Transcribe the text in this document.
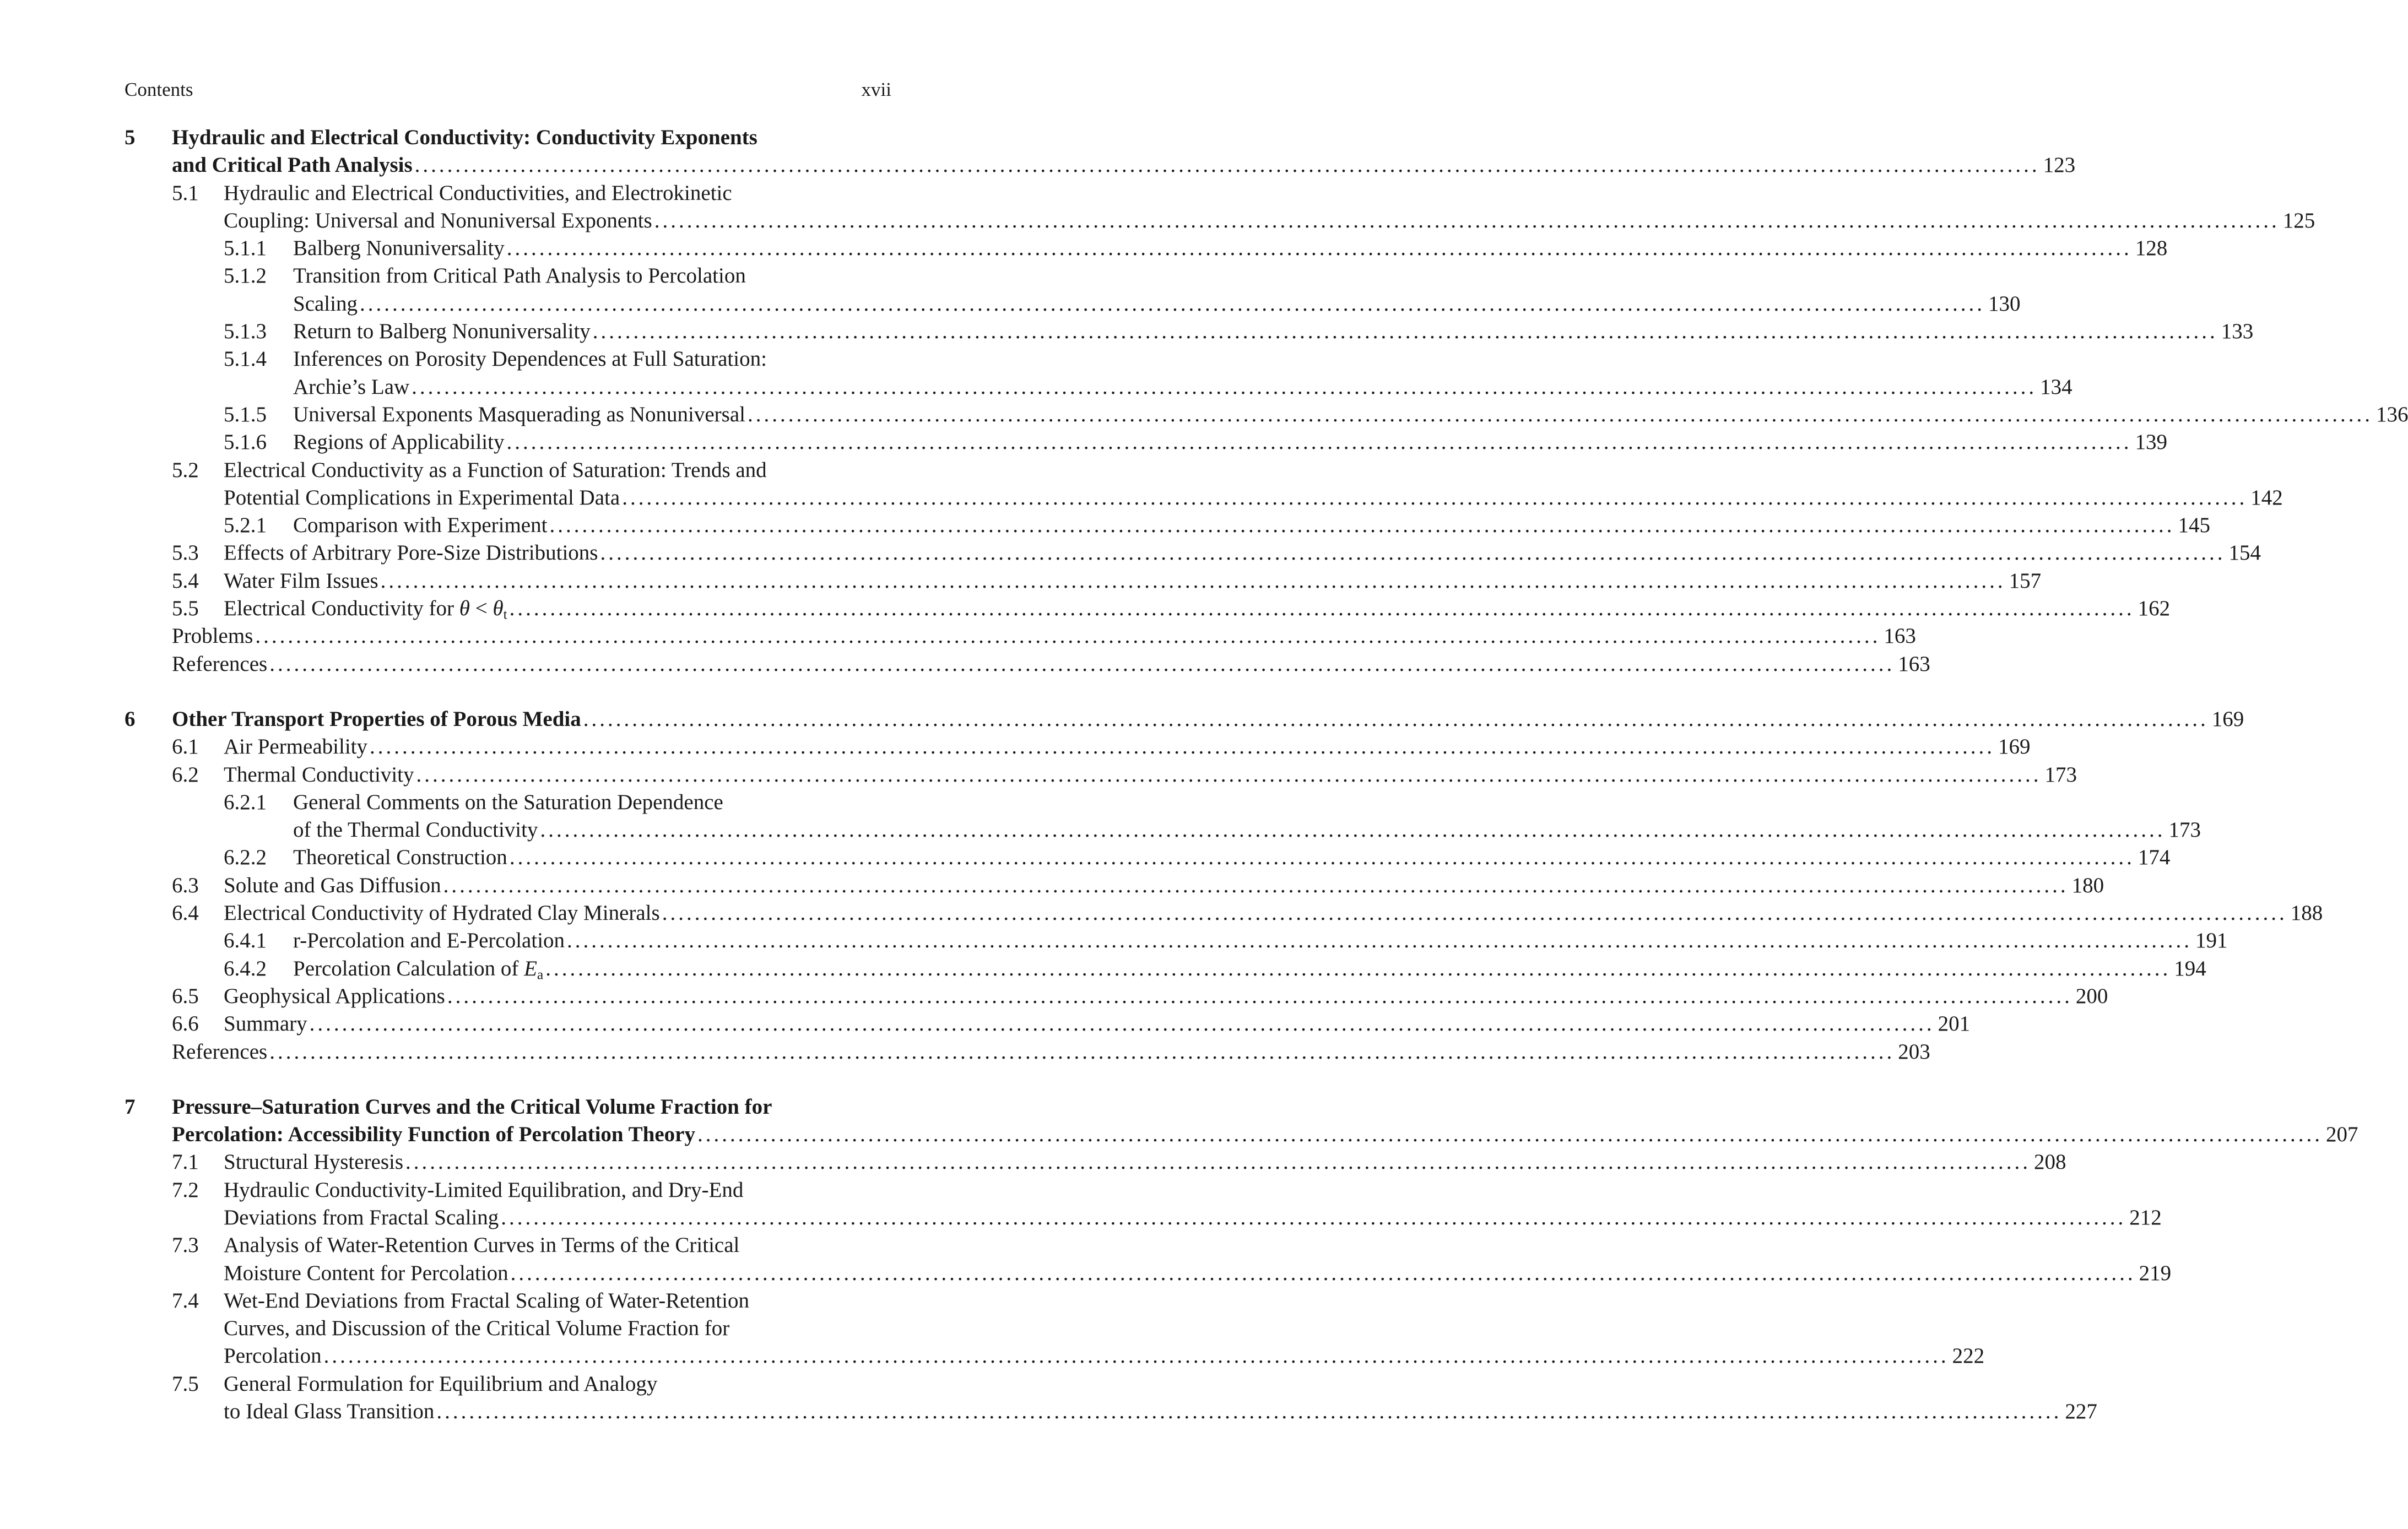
Contents	xvii
5	Hydraulic and Electrical Conductivity: Conductivity Exponents
and Critical Path Analysis .....	123
5.1 Hydraulic and Electrical Conductivities, and Electrokinetic
Coupling: Universal and Nonuniversal Exponents .....	125
5.1.1 Balberg Nonuniversality .....	128
5.1.2 Transition from Critical Path Analysis to Percolation
Scaling .....	130
5.1.3 Return to Balberg Nonuniversality .....	133
5.1.4 Inferences on Porosity Dependences at Full Saturation:
Archie’s Law .....	134
5.1.5 Universal Exponents Masquerading as Nonuniversal .....	136
5.1.6 Regions of Applicability .....	139
5.2 Electrical Conductivity as a Function of Saturation: Trends and
Potential Complications in Experimental Data .....	142
5.2.1 Comparison with Experiment .....	145
5.3 Effects of Arbitrary Pore-Size Distributions .....	154
5.4 Water Film Issues .....	157
5.5 Electrical Conductivity for $\theta < \theta_t$ .....	162
Problems .....	163
References .....	163
6	Other Transport Properties of Porous Media .....	169
6.1 Air Permeability .....	169
6.2 Thermal Conductivity .....	173
6.2.1 General Comments on the Saturation Dependence
of the Thermal Conductivity .....	173
6.2.2 Theoretical Construction .....	174
6.3 Solute and Gas Diffusion .....	180
6.4 Electrical Conductivity of Hydrated Clay Minerals .....	188
6.4.1 r-Percolation and E-Percolation .....	191
6.4.2 Percolation Calculation of $E_a$ .....	194
6.5 Geophysical Applications .....	200
6.6 Summary .....	201
References .....	203
7	Pressure–Saturation Curves and the Critical Volume Fraction for
Percolation: Accessibility Function of Percolation Theory .....	207
7.1 Structural Hysteresis .....	208
7.2 Hydraulic Conductivity-Limited Equilibration, and Dry-End
Deviations from Fractal Scaling .....	212
7.3 Analysis of Water-Retention Curves in Terms of the Critical
Moisture Content for Percolation .....	219
7.4 Wet-End Deviations from Fractal Scaling of Water-Retention
Curves, and Discussion of the Critical Volume Fraction for
Percolation .....	222
7.5 General Formulation for Equilibrium and Analogy
to Ideal Glass Transition .....	227
